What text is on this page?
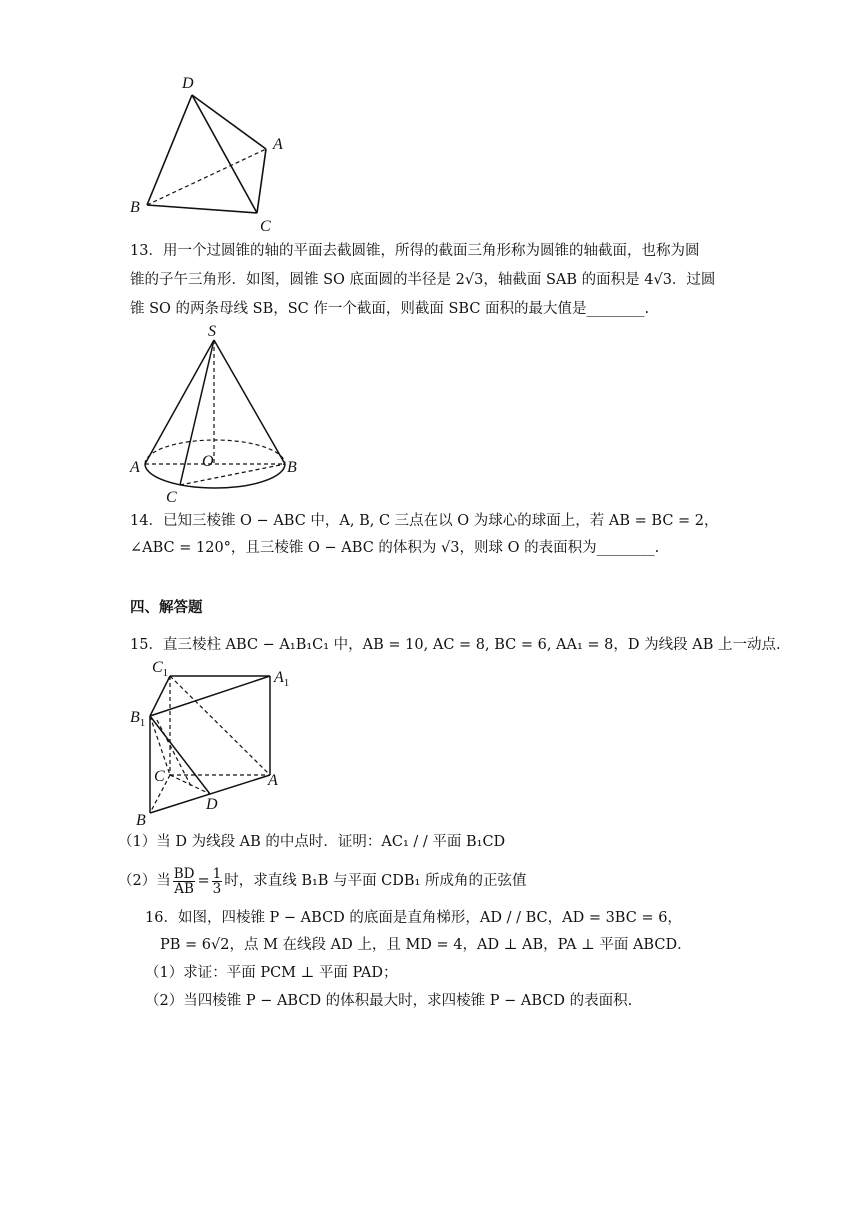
D
A
B
C
13．用一个过圆锥的轴的平面去截圆锥，所得的截面三角形称为圆锥的轴截面，也称为圆
锥的子午三角形．如图，圆锥 SO 底面圆的半径是 2√3，轴截面 SAB 的面积是 4√3．过圆
锥 SO 的两条母线 SB，SC 作一个截面，则截面 SBC 面积的最大值是________.
S
O
A	B
C
14．已知三棱锥 O − ABC 中，A, B, C 三点在以 O 为球心的球面上，若 AB = BC = 2，
∠ABC = 120°，且三棱锥 O − ABC 的体积为 √3，则球 O 的表面积为________.
四、解答题
15．直三棱柱 ABC − A₁B₁C₁ 中，AB = 10, AC = 8, BC = 6, AA₁ = 8，D 为线段 AB 上一动点.
$C_1$	$A_1$
$B_1$
C	A
B
D
（1）当 D 为线段 AB 的中点时．证明：AC₁ / / 平面 B₁CD
（2）当 $\frac{BD}{AB} = \frac{1}{3}$ 时，求直线 B₁B 与平面 CDB₁ 所成角的正弦值
16．如图，四棱锥 P − ABCD 的底面是直角梯形，AD / / BC，AD = 3BC = 6，
PB = 6√2，点 M 在线段 AD 上，且 MD = 4，AD ⊥ AB，PA ⊥ 平面 ABCD．
（1）求证：平面 PCM ⊥ 平面 PAD；
（2）当四棱锥 P − ABCD 的体积最大时，求四棱锥 P − ABCD 的表面积.
